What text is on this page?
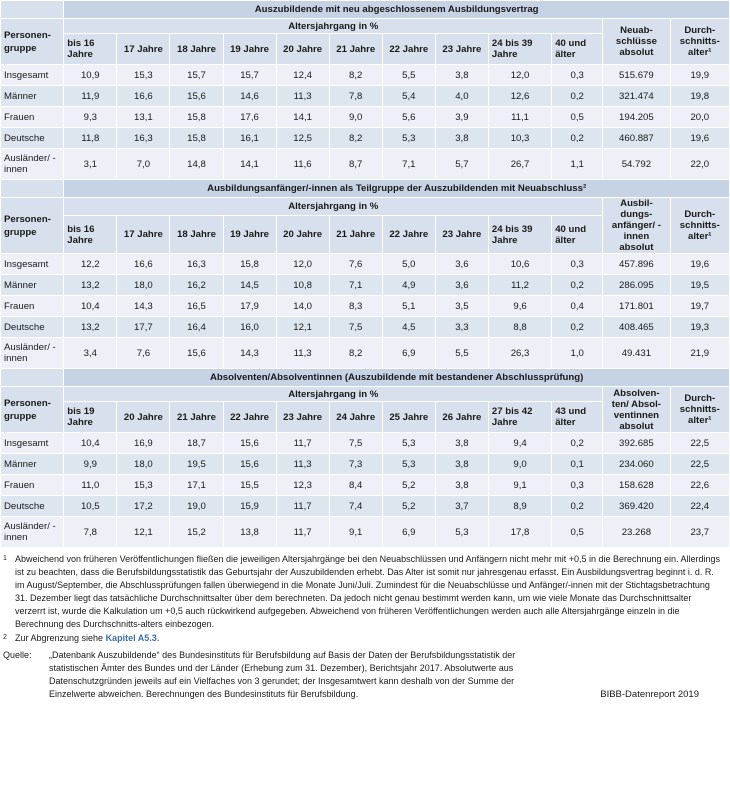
	Auszubildende mit neu abgeschlossenem Ausbildungsvertrag											
Personen- gruppe	Altersjahrgang in %										Neuab- schlüsse absolut	Durch- schnitts- alter¹
	bis 16 Jahre	17 Jahre	18 Jahre	19 Jahre	20 Jahre	21 Jahre	22 Jahre	23 Jahre	24 bis 39 Jahre	40 und älter		
Insgesamt	10,9	15,3	15,7	15,7	12,4	8,2	5,5	3,8	12,0	0,3	515.679	19,9
Männer	11,9	16,6	15,6	14,6	11,3	7,8	5,4	4,0	12,6	0,2	321.474	19,8
Frauen	9,3	13,1	15,8	17,6	14,1	9,0	5,6	3,9	11,1	0,5	194.205	20,0
Deutsche	11,8	16,3	15,8	16,1	12,5	8,2	5,3	3,8	10,3	0,2	460.887	19,6
Ausländer/ -innen	3,1	7,0	14,8	14,1	11,6	8,7	7,1	5,7	26,7	1,1	54.792	22,0
	Ausbildungsanfänger/-innen als Teilgruppe der Auszubildenden mit Neuabschluss²											
Personen- gruppe	Altersjahrgang in %										Ausbil- dungs- anfänger/ -innen absolut	Durch- schnitts- alter¹
	bis 16 Jahre	17 Jahre	18 Jahre	19 Jahre	20 Jahre	21 Jahre	22 Jahre	23 Jahre	24 bis 39 Jahre	40 und älter		
Insgesamt	12,2	16,6	16,3	15,8	12,0	7,6	5,0	3,6	10,6	0,3	457.896	19,6
Männer	13,2	18,0	16,2	14,5	10,8	7,1	4,9	3,6	11,2	0,2	286.095	19,5
Frauen	10,4	14,3	16,5	17,9	14,0	8,3	5,1	3,5	9,6	0,4	171.801	19,7
Deutsche	13,2	17,7	16,4	16,0	12,1	7,5	4,5	3,3	8,8	0,2	408.465	19,3
Ausländer/ -innen	3,4	7,6	15,6	14,3	11,3	8,2	6,9	5,5	26,3	1,0	49.431	21,9
	Absolventen/Absolventinnen (Auszubildende mit bestandener Abschlussprüfung)											
Personen- gruppe	Altersjahrgang in %										Absolven- ten/ Absol- ventinnen absolut	Durch- schnitts- alter¹
	bis 19 Jahre	20 Jahre	21 Jahre	22 Jahre	23 Jahre	24 Jahre	25 Jahre	26 Jahre	27 bis 42 Jahre	43 und älter		
Insgesamt	10,4	16,9	18,7	15,6	11,7	7,5	5,3	3,8	9,4	0,2	392.685	22,5
Männer	9,9	18,0	19,5	15,6	11,3	7,3	5,3	3,8	9,0	0,1	234.060	22,5
Frauen	11,0	15,3	17,1	15,5	12,3	8,4	5,2	3,8	9,1	0,3	158.628	22,6
Deutsche	10,5	17,2	19,0	15,9	11,7	7,4	5,2	3,7	8,9	0,2	369.420	22,4
Ausländer/ -innen	7,8	12,1	15,2	13,8	11,7	9,1	6,9	5,3	17,8	0,5	23.268	23,7
1 Abweichend von früheren Veröffentlichungen fließen die jeweiligen Altersjahrgänge bei den Neuabschlüssen und Anfängern nicht mehr mit +0,5 in die Berechnung ein. Allerdings ist zu beachten, dass die Berufsbildungsstatistik das Geburtsjahr der Auszubildenden erhebt. Das Alter ist somit nur jahresgenau erfasst. Ein Ausbildungsvertrag beginnt i. d. R. im August/September, die Abschlussprüfungen fallen überwiegend in die Monate Juni/Juli. Zumindest für die Neuabschlüsse und Anfänger/-innen mit der Stichtagsbetrachtung 31. Dezember liegt das tatsächliche Durchschnittsalter über dem berechneten. Da jedoch nicht genau bestimmt werden kann, um wie viele Monate das Durchschnittsalter verzerrt ist, wurde die Kalkulation um +0,5 auch rückwirkend aufgegeben. Abweichend von früheren Veröffentlichungen werden auch alle Altersjahrgänge einzeln in die Berechnung des Durchschnitts-alters einbezogen.
2 Zur Abgrenzung siehe Kapitel A5.3.
Quelle:	„Datenbank Auszubildende“ des Bundesinstituts für Berufsbildung auf Basis der Daten der Berufsbildungsstatistik der statistischen Ämter des Bundes und der Länder (Erhebung zum 31. Dezember), Berichtsjahr 2017. Absolutwerte aus Datenschutzgründen jeweils auf ein Vielfaches von 3 gerundet; der Insgesamtwert kann deshalb von der Summe der Einzelwerte abweichen. Berechnungen des Bundesinstituts für Berufsbildung.	BIBB-Datenreport 2019
